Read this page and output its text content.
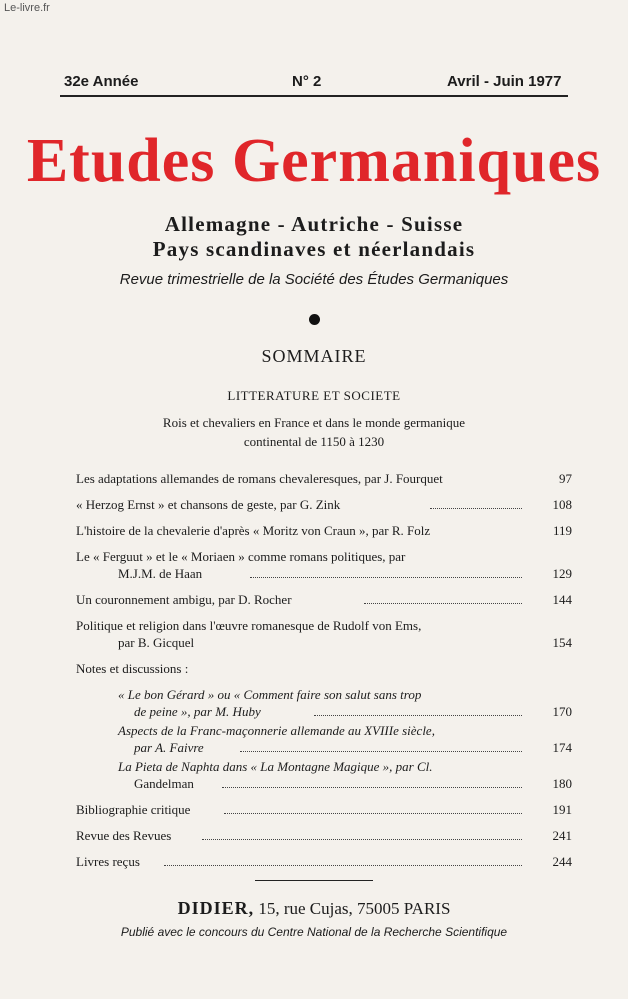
Le-livre.fr
32e Année	N° 2	Avril - Juin 1977
Etudes Germaniques
Allemagne - Autriche - Suisse
Pays scandinaves et néerlandais
Revue trimestrielle de la Société des Études Germaniques
SOMMAIRE
LITTERATURE ET SOCIETE
Rois et chevaliers en France et dans le monde germanique
continental de 1150 à 1230
Les adaptations allemandes de romans chevaleresques, par J. Fourquet	97
« Herzog Ernst » et chansons de geste, par G. Zink	108
L'histoire de la chevalerie d'après « Moritz von Craun », par R. Folz	119
Le « Ferguut » et le « Moriaen » comme romans politiques, par
M.J.M. de Haan	129
Un couronnement ambigu, par D. Rocher	144
Politique et religion dans l'œuvre romanesque de Rudolf von Ems,
par B. Gicquel	154
Notes et discussions :
« Le bon Gérard » ou « Comment faire son salut sans trop
de peine », par M. Huby	170
Aspects de la Franc-maçonnerie allemande au XVIIIe siècle,
par A. Faivre	174
La Pieta de Naphta dans « La Montagne Magique », par Cl.
Gandelman	180
Bibliographie critique	191
Revue des Revues	241
Livres reçus	244
DIDIER, 15, rue Cujas, 75005 PARIS
Publié avec le concours du Centre National de la Recherche Scientifique
